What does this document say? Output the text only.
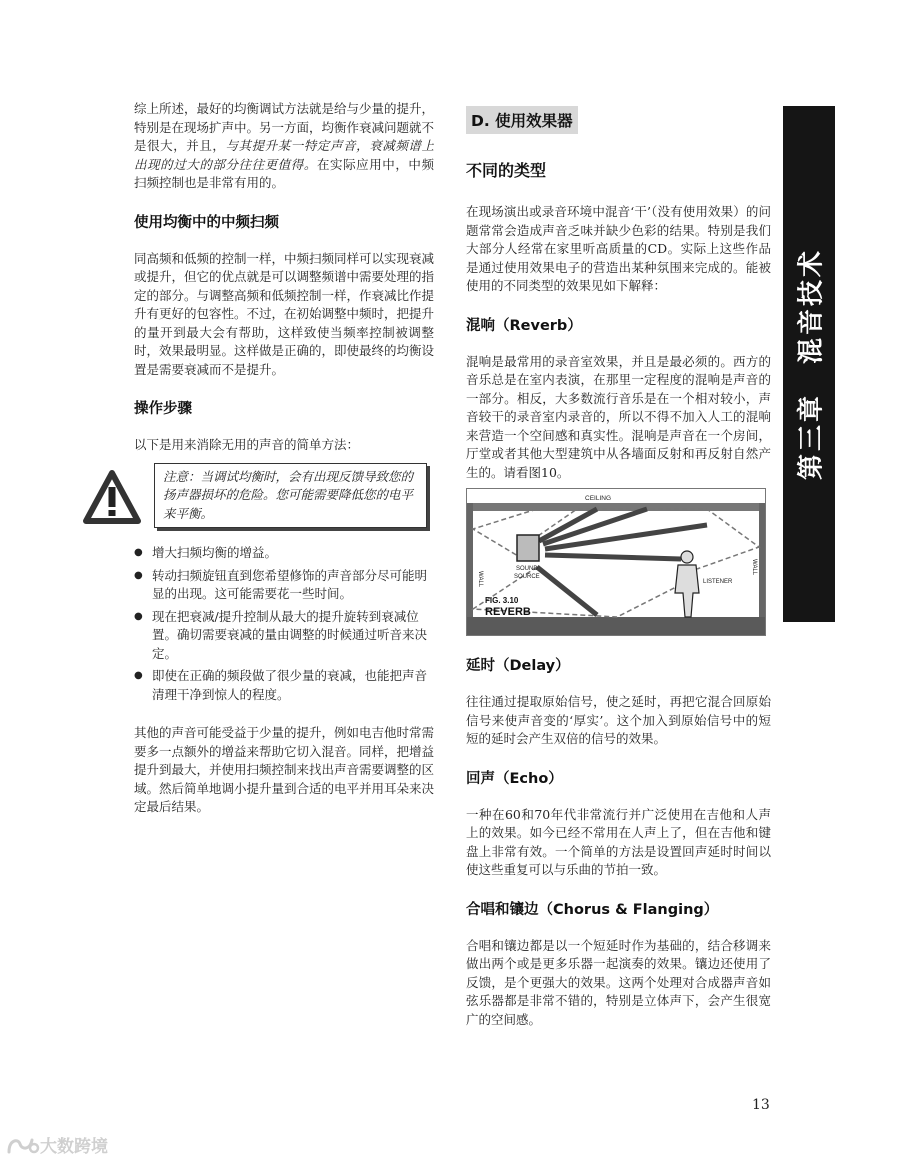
综上所述，最好的均衡调试方法就是给与少量的提升，特别是在现场扩声中。另一方面，均衡作衰减问题就不是很大，并且，与其提升某一特定声音，衰减频谱上出现的过大的部分往往更值得。在实际应用中，中频扫频控制也是非常有用的。

使用均衡中的中频扫频

同高频和低频的控制一样，中频扫频同样可以实现衰减或提升，但它的优点就是可以调整频谱中需要处理的指定的部分。与调整高频和低频控制一样，作衰减比作提升有更好的包容性。不过，在初始调整中频时，把提升的量开到最大会有帮助，这样致使当频率控制被调整时，效果最明显。这样做是正确的，即使最终的均衡设置是需要衰减而不是提升。

操作步骤

以下是用来消除无用的声音的简单方法：

注意：当调试均衡时，会有出现反馈导致您的扬声器损坏的危险。您可能需要降低您的电平来平衡。
● 增大扫频均衡的增益。
● 转动扫频旋钮直到您希望修饰的声音部分尽可能明显的出现。这可能需要花一些时间。
● 现在把衰减/提升控制从最大的提升旋转到衰减位置。确切需要衰减的量由调整的时候通过听音来决定。
● 即使在正确的频段做了很少量的衰减，也能把声音清理干净到惊人的程度。

其他的声音可能受益于少量的提升，例如电吉他时常需要多一点额外的增益来帮助它切入混音。同样，把增益提升到最大，并使用扫频控制来找出声音需要调整的区域。然后简单地调小提升量到合适的电平并用耳朵来决定最后结果。

D. 使用效果器
不同的类型

在现场演出或录音环境中混音‘干’（没有使用效果）的问题常常会造成声音乏味并缺少色彩的结果。特别是我们大部分人经常在家里听高质量的CD。实际上这些作品是通过使用效果电子的营造出某种氛围来完成的。能被使用的不同类型的效果见如下解释：

混响（Reverb）

混响是最常用的录音室效果，并且是最必须的。西方的音乐总是在室内表演，在那里一定程度的混响是声音的一部分。相反，大多数流行音乐是在一个相对较小，声音较干的录音室内录音的，所以不得不加入人工的混响来营造一个空间感和真实性。混响是声音在一个房间，厅堂或者其他大型建筑中从各墙面反射和再反射自然产生的。请看图10。

CEILING
WALL
WALL
SOUND
SOURCE
LISTENER
FIG. 3.10
REVERB
延时（Delay）

往往通过提取原始信号，使之延时，再把它混合回原始信号来使声音变的‘厚实’。这个加入到原始信号中的短短的延时会产生双倍的信号的效果。

回声（Echo）

一种在60和70年代非常流行并广泛使用在吉他和人声上的效果。如今已经不常用在人声上了，但在吉他和键盘上非常有效。一个简单的方法是设置回声延时时间以使这些重复可以与乐曲的节拍一致。

合唱和镶边（Chorus & Flanging）

合唱和镶边都是以一个短延时作为基础的，结合移调来做出两个或是更多乐器一起演奏的效果。镶边还使用了反馈，是个更强大的效果。这两个处理对合成器声音如弦乐器都是非常不错的，特别是立体声下，会产生很宽广的空间感。

第三章　混音技术
13
大数跨境
